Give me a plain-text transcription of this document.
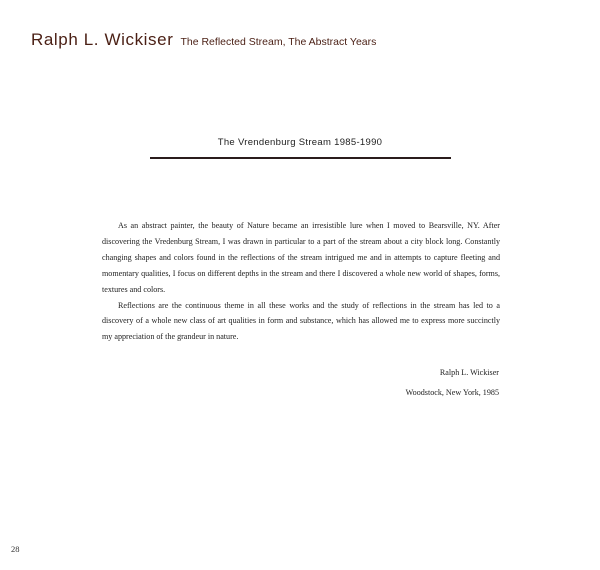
Ralph L. Wickiser The Reflected Stream, The Abstract Years
The Vrendenburg Stream 1985-1990

As an abstract painter, the beauty of Nature became an irresistible lure when I moved to Bearsville, NY. After discovering the Vredenburg Stream, I was drawn in particular to a part of the stream about a city block long. Constantly changing shapes and colors found in the reflections of the stream intrigued me and in attempts to capture fleeting and momentary qualities, I focus on different depths in the stream and there I discovered a whole new world of shapes, forms, textures and colors.

Reflections are the continuous theme in all these works and the study of reflections in the stream has led to a discovery of a whole new class of art qualities in form and substance, which has allowed me to express more succinctly my appreciation of the grandeur in nature.

Ralph L. Wickiser
Woodstock, New York, 1985
28
